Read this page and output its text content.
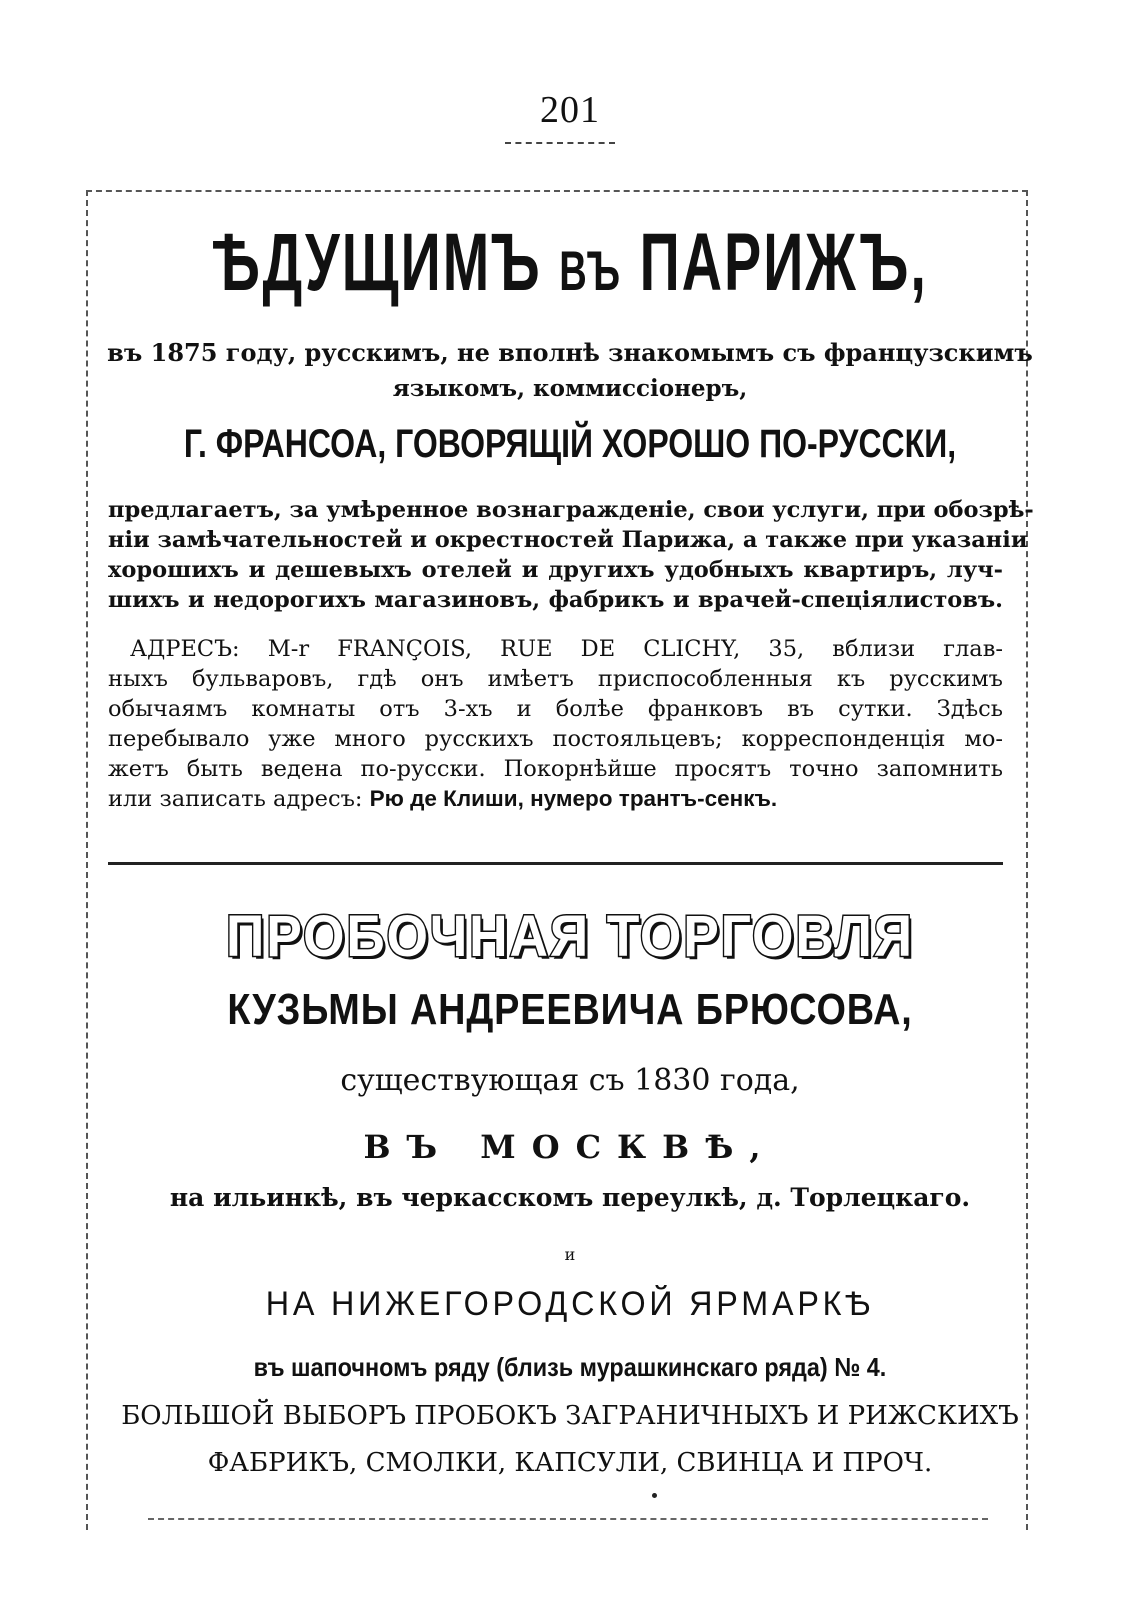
201
ѢДУЩИМЪ ВЪ ПАРИЖЪ,
въ 1875 году, русскимъ, не вполнѣ знакомымъ съ французскимъ
языкомъ, коммиссіонеръ,
Г. ФРАНСОА, ГОВОРЯЩІЙ ХОРОШО ПО-РУССКИ,
предлагаетъ, за умѣренное вознагражденіе, свои услуги, при обозрѣ-
ніи замѣчательностей и окрестностей Парижа, а также при указаніи
хорошихъ и дешевыхъ отелей и другихъ удобныхъ квартиръ, луч-
шихъ и недорогихъ магазиновъ, фабрикъ и врачей-спеціялистовъ.
АДРЕСЪ: M-r FRANÇOIS, RUE DE CLICHY, 35, вблизи глав-
ныхъ бульваровъ, гдѣ онъ имѣетъ приспособленныя къ русскимъ
обычаямъ комнаты отъ 3-хъ и болѣе франковъ въ сутки. Здѣсь
перебывало уже много русскихъ постояльцевъ; корреспонденція мо-
жетъ быть ведена по-русски. Покорнѣйше просятъ точно запомнить
или записать адресъ: Рю де Клиши, нумеро трантъ-сенкъ.
ПРОБОЧНАЯ ТОРГОВЛЯ
КУЗЬМЫ АНДРЕЕВИЧА БРЮСОВА,
существующая съ 1830 года,
ВЪ МОСКВѢ,
на ильинкѣ, въ черкасскомъ переулкѣ, д. Торлецкаго.
и
НА НИЖЕГОРОДСКОЙ ЯРМАРКѢ
въ шапочномъ ряду (близь мурашкинскаго ряда) № 4.
БОЛЬШОЙ ВЫБОРЪ ПРОБОКЪ ЗАГРАНИЧНЫХЪ И РИЖСКИХЪ
ФАБРИКЪ, СМОЛКИ, КАПСУЛИ, СВИНЦА И ПРОЧ.
